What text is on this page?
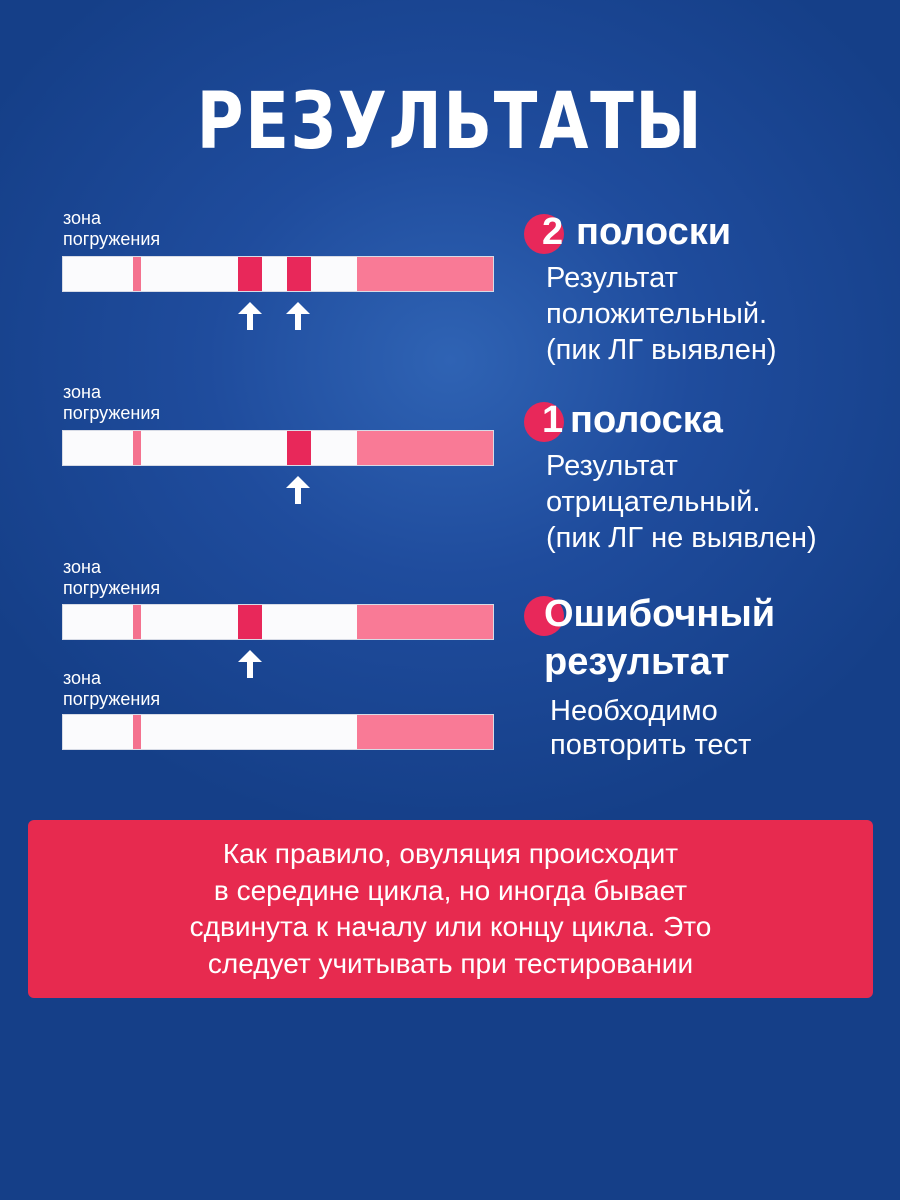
РЕЗУЛЬТАТЫ
зона
погружения
зона
погружения
зона
погружения
зона
погружения
2 полоски
Результат
положительный.
(пик ЛГ выявлен)
1 полоска
Результат
отрицательный.
(пик ЛГ не выявлен)
Ошибочный
результат
Необходимо
повторить тест
Как правило, овуляция происходит
в середине цикла, но иногда бывает
сдвинута к началу или концу цикла. Это
следует учитывать при тестировании
